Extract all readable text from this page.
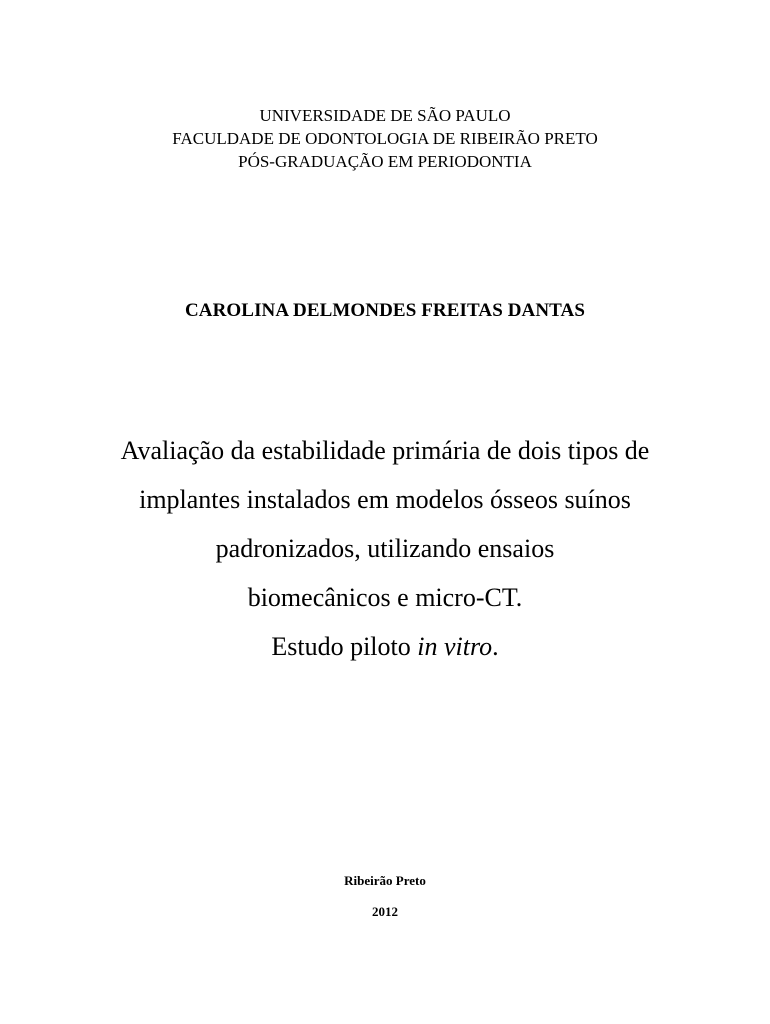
UNIVERSIDADE DE SÃO PAULO
FACULDADE DE ODONTOLOGIA DE RIBEIRÃO PRETO
PÓS-GRADUAÇÃO EM PERIODONTIA
CAROLINA DELMONDES FREITAS DANTAS
Avaliação da estabilidade primária de dois tipos de
implantes instalados em modelos ósseos suínos
padronizados, utilizando ensaios
biomecânicos e micro-CT.
Estudo piloto in vitro.
Ribeirão Preto
2012
